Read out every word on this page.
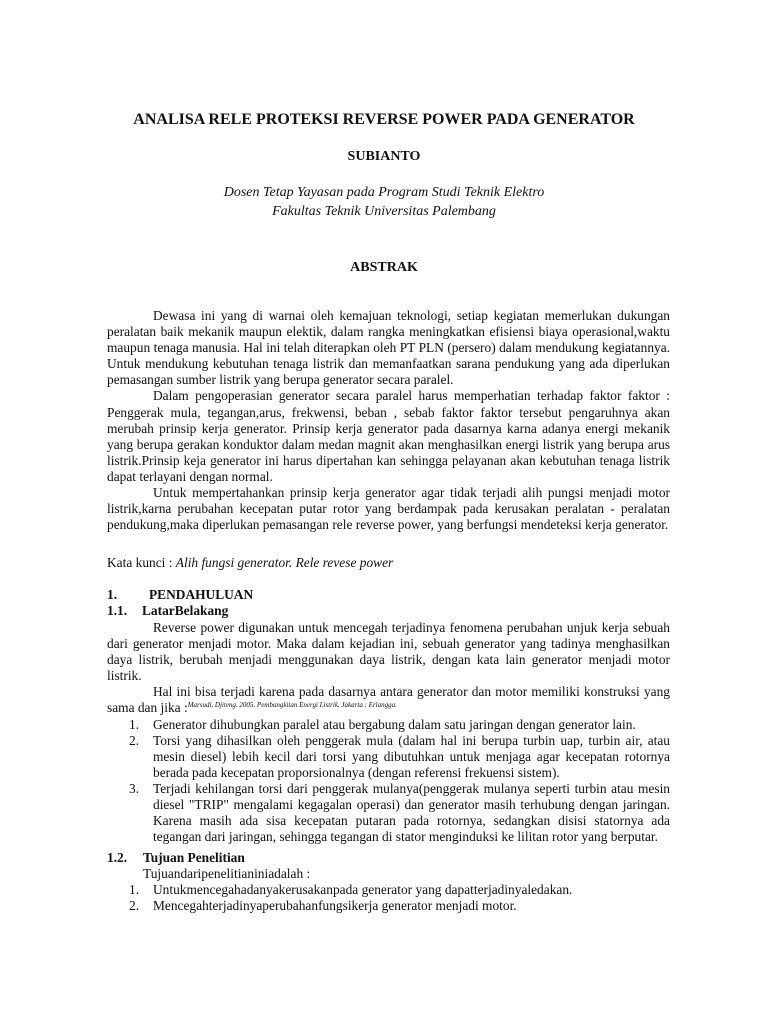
ANALISA RELE PROTEKSI REVERSE POWER PADA GENERATOR
SUBIANTO
Dosen Tetap Yayasan pada Program Studi Teknik Elektro
Fakultas Teknik Universitas Palembang
ABSTRAK

Dewasa ini yang di warnai oleh kemajuan teknologi, setiap kegiatan memerlukan dukungan peralatan baik mekanik maupun elektik, dalam rangka meningkatkan efisiensi biaya operasional,waktu maupun tenaga manusia. Hal ini telah diterapkan oleh PT PLN (persero) dalam mendukung kegiatannya. Untuk mendukung kebutuhan tenaga listrik dan memanfaatkan sarana pendukung yang ada diperlukan pemasangan sumber listrik yang berupa generator secara paralel.

Dalam pengoperasian generator secara paralel harus memperhatian terhadap faktor faktor : Penggerak mula, tegangan,arus, frekwensi, beban , sebab faktor faktor tersebut pengaruhnya akan merubah prinsip kerja generator. Prinsip kerja generator pada dasarnya karna adanya energi mekanik yang berupa gerakan konduktor dalam medan magnit akan menghasilkan energi listrik yang berupa arus listrik.Prinsip keja generator ini harus dipertahan kan sehingga pelayanan akan kebutuhan tenaga listrik dapat terlayani dengan normal.

Untuk mempertahankan prinsip kerja generator agar tidak terjadi alih pungsi menjadi motor listrik,karna perubahan kecepatan putar rotor yang berdampak pada kerusakan peralatan - peralatan pendukung,maka diperlukan pemasangan rele reverse power, yang berfungsi mendeteksi kerja generator.

Kata kunci : Alih fungsi generator. Rele revese power
1. PENDAHULUAN
1.1. LatarBelakang

Reverse power digunakan untuk mencegah terjadinya fenomena perubahan unjuk kerja sebuah dari generator menjadi motor. Maka dalam kejadian ini, sebuah generator yang tadinya menghasilkan daya listrik, berubah menjadi menggunakan daya listrik, dengan kata lain generator menjadi motor listrik.

Hal ini bisa terjadi karena pada dasarnya antara generator dan motor memiliki konstruksi yang sama dan jika :$^{Marsudi, Djiteng. 2005. Pembangkitan Energi Listrik. Jakarta : Erlangga.}$

1. Generator dihubungkan paralel atau bergabung dalam satu jaringan dengan generator lain.
2. Torsi yang dihasilkan oleh penggerak mula (dalam hal ini berupa turbin uap, turbin air, atau mesin diesel) lebih kecil dari torsi yang dibutuhkan untuk menjaga agar kecepatan rotornya berada pada kecepatan proporsionalnya (dengan referensi frekuensi sistem).
3. Terjadi kehilangan torsi dari penggerak mulanya(penggerak mulanya seperti turbin atau mesin diesel "TRIP" mengalami kegagalan operasi) dan generator masih terhubung dengan jaringan. Karena masih ada sisa kecepatan putaran pada rotornya, sedangkan disisi statornya ada tegangan dari jaringan, sehingga tegangan di stator menginduksi ke lilitan rotor yang berputar.
1.2. Tujuan Penelitian

Tujuandaripenelitianiniadalah :

1. Untukmencegahadanyakerusakanpada generator yang dapatterjadinyaledakan.
2. Mencegahterjadinyaperubahanfungsikerja generator menjadi motor.
